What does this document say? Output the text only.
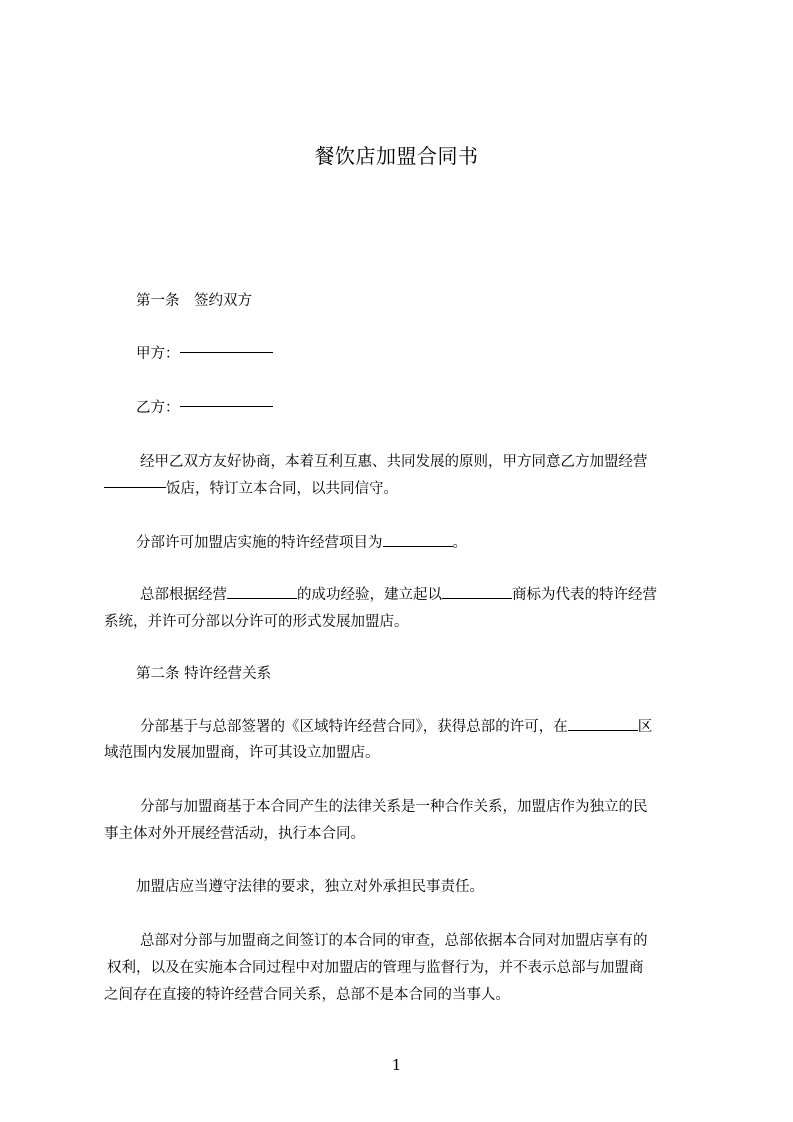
餐饮店加盟合同书
第一条　签约双方
甲方：
乙方：
经甲乙双方友好协商，本着互利互惠、共同发展的原则，甲方同意乙方加盟经营
饭店，特订立本合同，以共同信守。
分部许可加盟店实施的特许经营项目为	。
总部根据经营	的成功经验，建立起以	商标为代表的特许经营
系统，并许可分部以分许可的形式发展加盟店。
第二条 特许经营关系
分部基于与总部签署的《区域特许经营合同》，获得总部的许可，在	区
域范围内发展加盟商，许可其设立加盟店。
分部与加盟商基于本合同产生的法律关系是一种合作关系，加盟店作为独立的民
事主体对外开展经营活动，执行本合同。
加盟店应当遵守法律的要求，独立对外承担民事责任。
总部对分部与加盟商之间签订的本合同的审查，总部依据本合同对加盟店享有的
权利，以及在实施本合同过程中对加盟店的管理与监督行为，并不表示总部与加盟商
之间存在直接的特许经营合同关系，总部不是本合同的当事人。
1
